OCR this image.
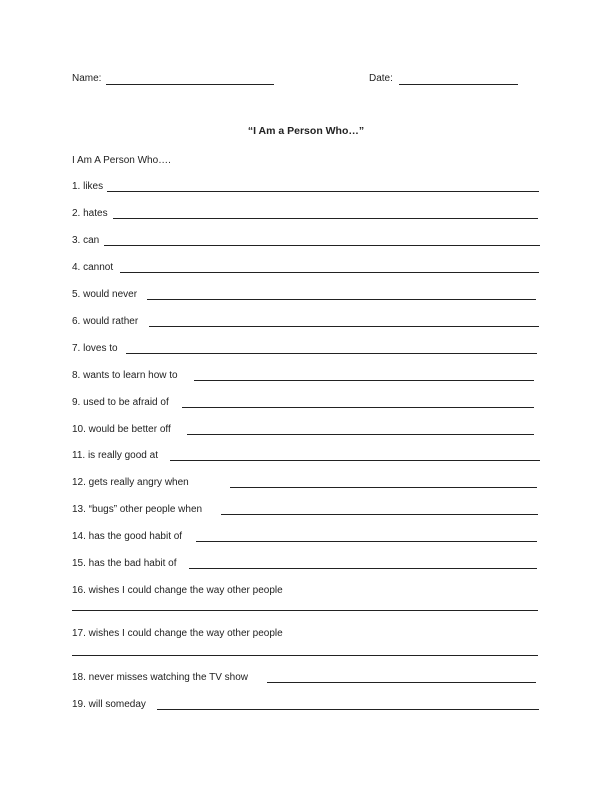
Name:	Date:
“I Am a Person Who…”
I Am A Person Who….
1. likes
2. hates
3. can
4. cannot
5. would never
6. would rather
7. loves to
8. wants to learn how to
9. used to be afraid of
10. would be better off
11. is really good at
12. gets really angry when
13. “bugs” other people when
14. has the good habit of
15. has the bad habit of
16. wishes I could change the way other people
17. wishes I could change the way other people
18. never misses watching the TV show
19. will someday
